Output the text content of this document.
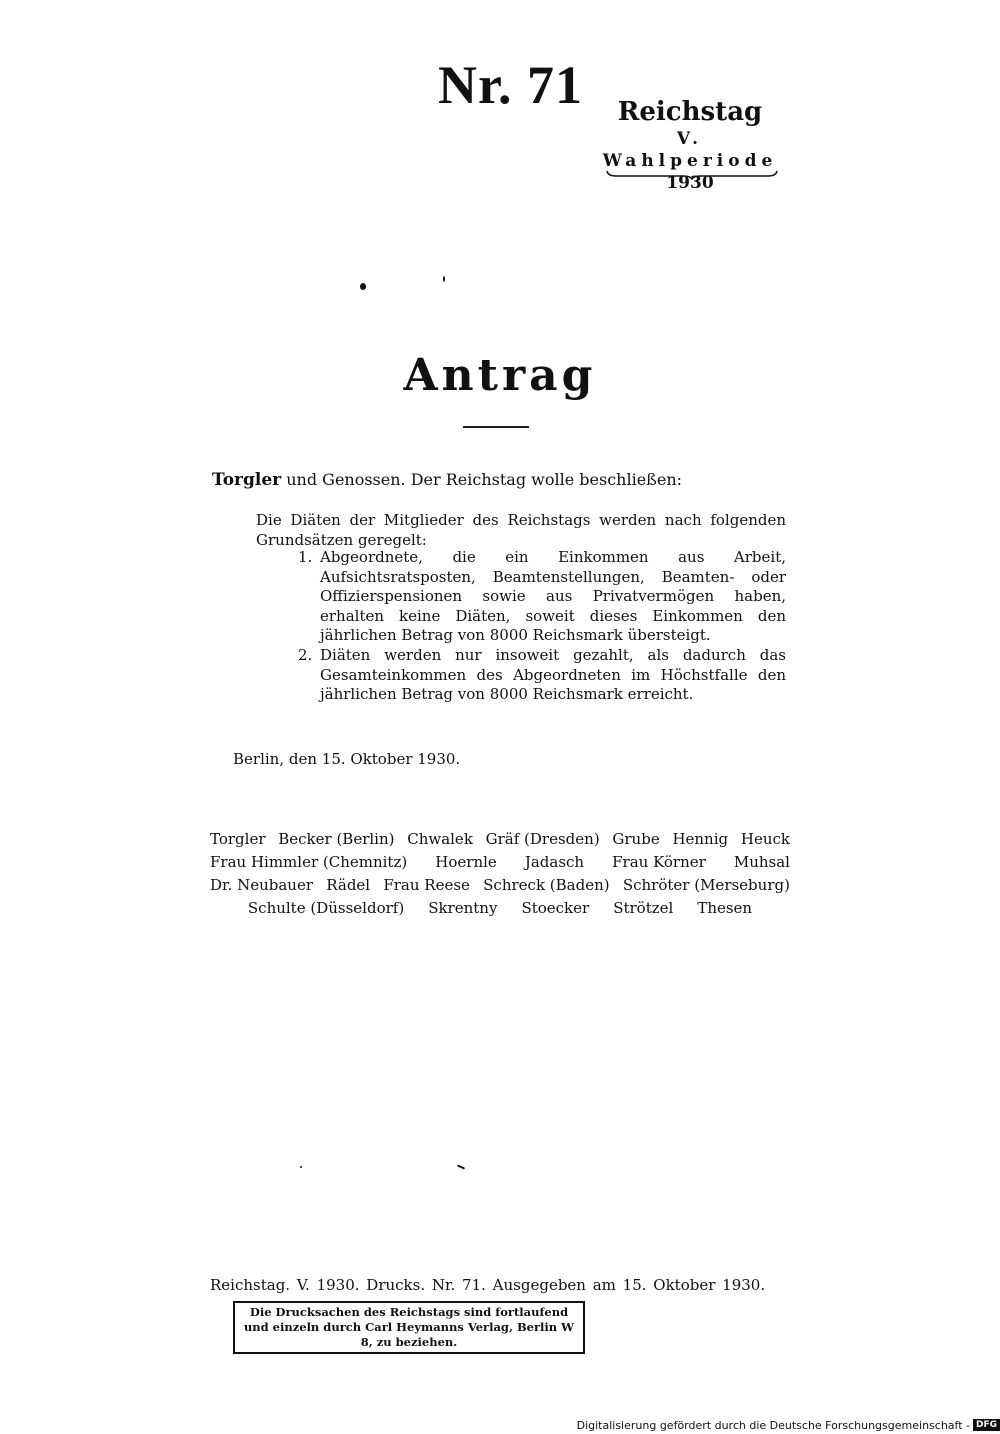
Nr. 71	Reichstag
V. Wahlperiode
1930
Antrag
Torgler und Genossen. Der Reichstag wolle beschließen:
Die Diäten der Mitglieder des Reichstags werden nach folgenden Grundsätzen geregelt:
1. Abgeordnete, die ein Einkommen aus Arbeit, Aufsichtsratsposten, Beamtenstellungen, Beamten- oder Offizierspensionen sowie aus Privatvermögen haben, erhalten keine Diäten, soweit dieses Einkommen den jährlichen Betrag von 8000 Reichsmark übersteigt.
2. Diäten werden nur insoweit gezahlt, als dadurch das Gesamteinkommen des Abgeordneten im Höchstfalle den jährlichen Betrag von 8000 Reichsmark erreicht.
Berlin, den 15. Oktober 1930.
Torgler Becker (Berlin) Chwalek Gräf (Dresden) Grube Hennig Heuck
Frau Himmler (Chemnitz) Hoernle Jadasch Frau Körner Muhsal
Dr. Neubauer Rädel Frau Reese Schreck (Baden) Schröter (Merseburg)
Schulte (Düsseldorf) Skrentny Stoecker Strötzel Thesen
Reichstag. V. 1930. Drucks. Nr. 71. Ausgegeben am 15. Oktober 1930.
Die Drucksachen des Reichstags sind fortlaufend und einzeln durch Carl Heymanns Verlag, Berlin W 8, zu beziehen.
Digitalisierung gefördert durch die Deutsche Forschungsgemeinschaft - DFG
